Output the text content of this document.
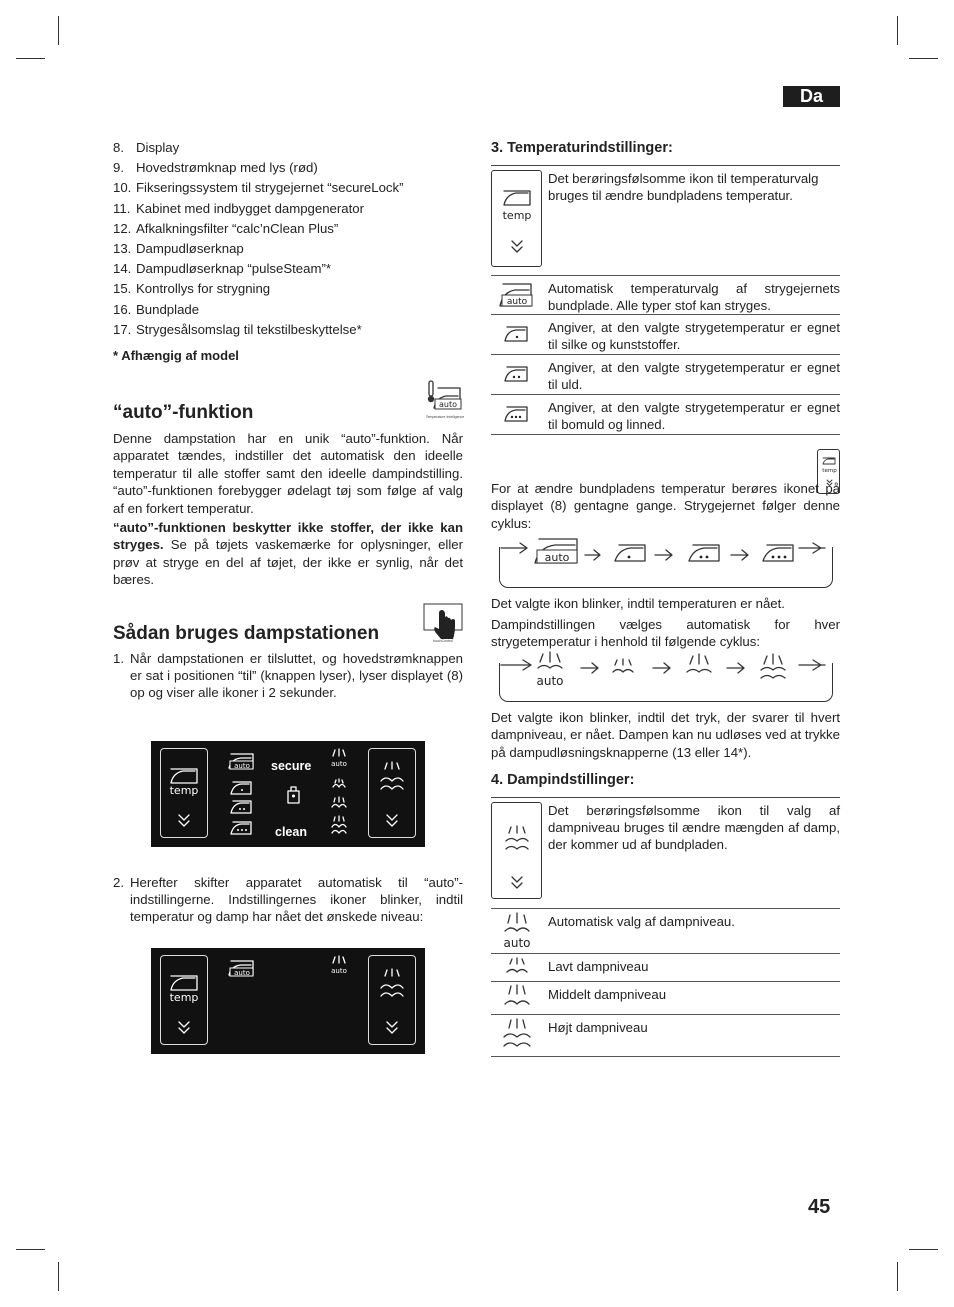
Da
45
8. Display
9. Hovedstrømknap med lys (rød)
10. Fikseringssystem til strygejernet “secureLock”
11. Kabinet med indbygget dampgenerator
12. Afkalkningsfilter “calc’nClean Plus”
13. Dampudløserknap
14. Dampudløserknap “pulseSteam”*
15. Kontrollys for strygning
16. Bundplade
17. Strygesålsomslag til tekstilbeskyttelse*
* Afhængig af model
“auto”-funktion	auto
Temperature Intelligence

Denne dampstation har en unik “auto”-funktion. Når apparatet tændes, indstiller det automatisk den ideelle temperatur til alle stoffer samt den ideelle dampindstilling. “auto”-funktionen forebygger ødelagt tøj som følge af valg af en forkert temperatur.

“auto”-funktionen beskytter ikke stoffer, der ikke kan stryges. Se på tøjets vaskemærke for oplysninger, eller prøv at stryge en del af tøjet, der ikke er synlig, når det bæres.

Sådan bruges dampstationen	touchControl
1. Når dampstationen er tilsluttet, og hovedstrømknappen er sat i positionen “til” (knappen lyser), lyser displayet (8) op og viser alle ikoner i 2 sekunder.
temp
auto secure
clean
auto
2. Herefter skifter apparatet automatisk til “auto”-indstillingerne. Indstillingernes ikoner blinker, indtil temperatur og damp har nået det ønskede niveau:
temp
auto	auto
3. Temperaturindstillinger:
temp
Det berøringsfølsomme ikon til temperaturvalg bruges til ændre bundpladens temperatur.
auto
Automatisk temperaturvalg af strygejernets bundplade. Alle typer stof kan stryges.
Angiver, at den valgte strygetemperatur er egnet til silke og kunststoffer.
Angiver, at den valgte strygetemperatur er egnet til uld.
Angiver, at den valgte strygetemperatur er egnet til bomuld og linned.
temp

For at ændre bundpladens temperatur berøres ikonet på displayet (8) gentagne gange. Strygejernet følger denne cyklus:

auto

Det valgte ikon blinker, indtil temperaturen er nået.

Dampindstillingen vælges automatisk for hver strygetemperatur i henhold til følgende cyklus:

auto

Det valgte ikon blinker, indtil det tryk, der svarer til hvert dampniveau, er nået. Dampen kan nu udløses ved at trykke på dampudløsningsknapperne (13 eller 14*).

4. Dampindstillinger:
Det berøringsfølsomme ikon til valg af dampniveau bruges til ændre mængden af damp, der kommer ud af bundpladen.
auto
Automatisk valg af dampniveau.
Lavt dampniveau
Middelt dampniveau
Højt dampniveau
